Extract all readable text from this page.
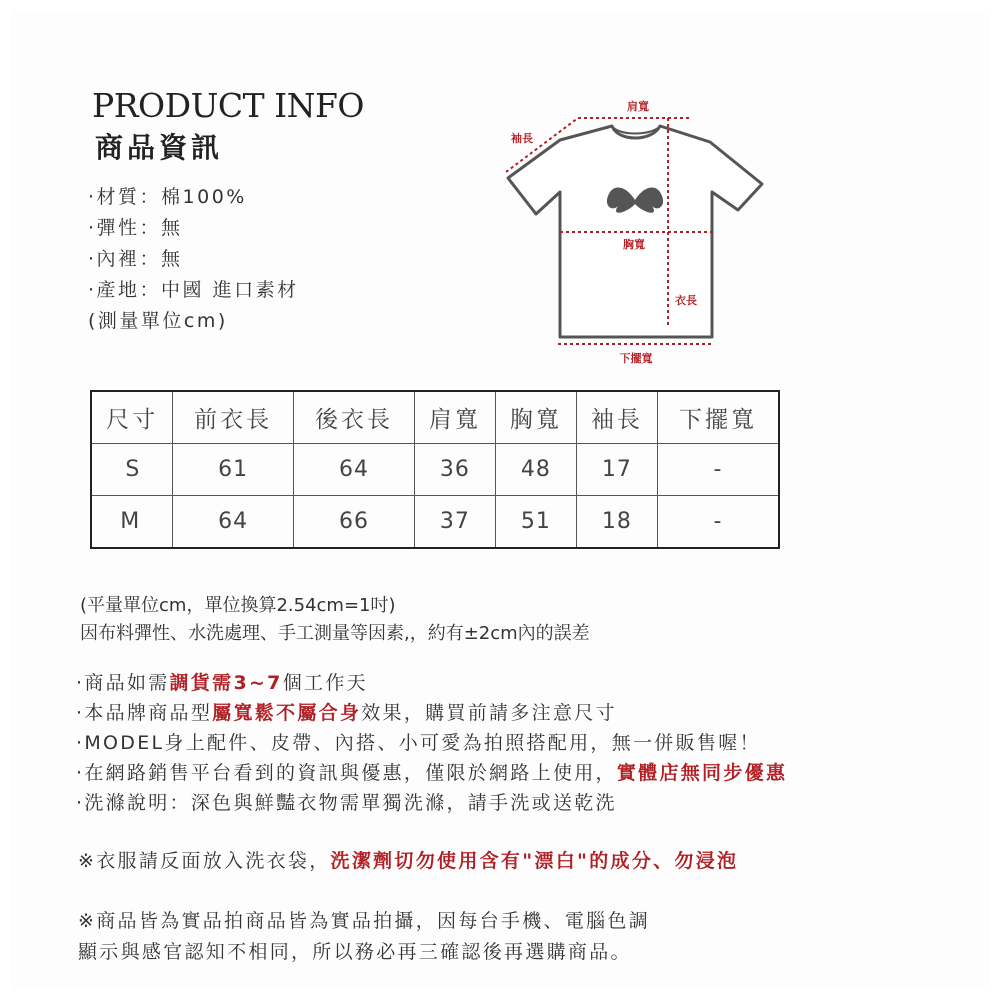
PRODUCT INFO
商品資訊
·材質：棉100%
·彈性：無
·內裡：無
·產地：中國 進口素材
(測量單位cm)
肩寬
袖長
胸寬
衣長
下擺寬
尺寸	前衣長	後衣長	肩寬	胸寬	袖長	下擺寬
S	61	64	36	48	17	-
M	64	66	37	51	18	-
(平量單位cm，單位換算2.54cm=1吋)
因布料彈性、水洗處理、手工測量等因素,，約有±2cm內的誤差
·商品如需調貨需3~7個工作天
·本品牌商品型屬寬鬆不屬合身效果，購買前請多注意尺寸
·MODEL身上配件、皮帶、內搭、小可愛為拍照搭配用，無一併販售喔！
·在網路銷售平台看到的資訊與優惠，僅限於網路上使用，實體店無同步優惠
·洗滌說明：深色與鮮豔衣物需單獨洗滌，請手洗或送乾洗
※衣服請反面放入洗衣袋，洗潔劑切勿使用含有"漂白"的成分、勿浸泡
※商品皆為實品拍商品皆為實品拍攝，因每台手機、電腦色調
顯示與感官認知不相同，所以務必再三確認後再選購商品。
